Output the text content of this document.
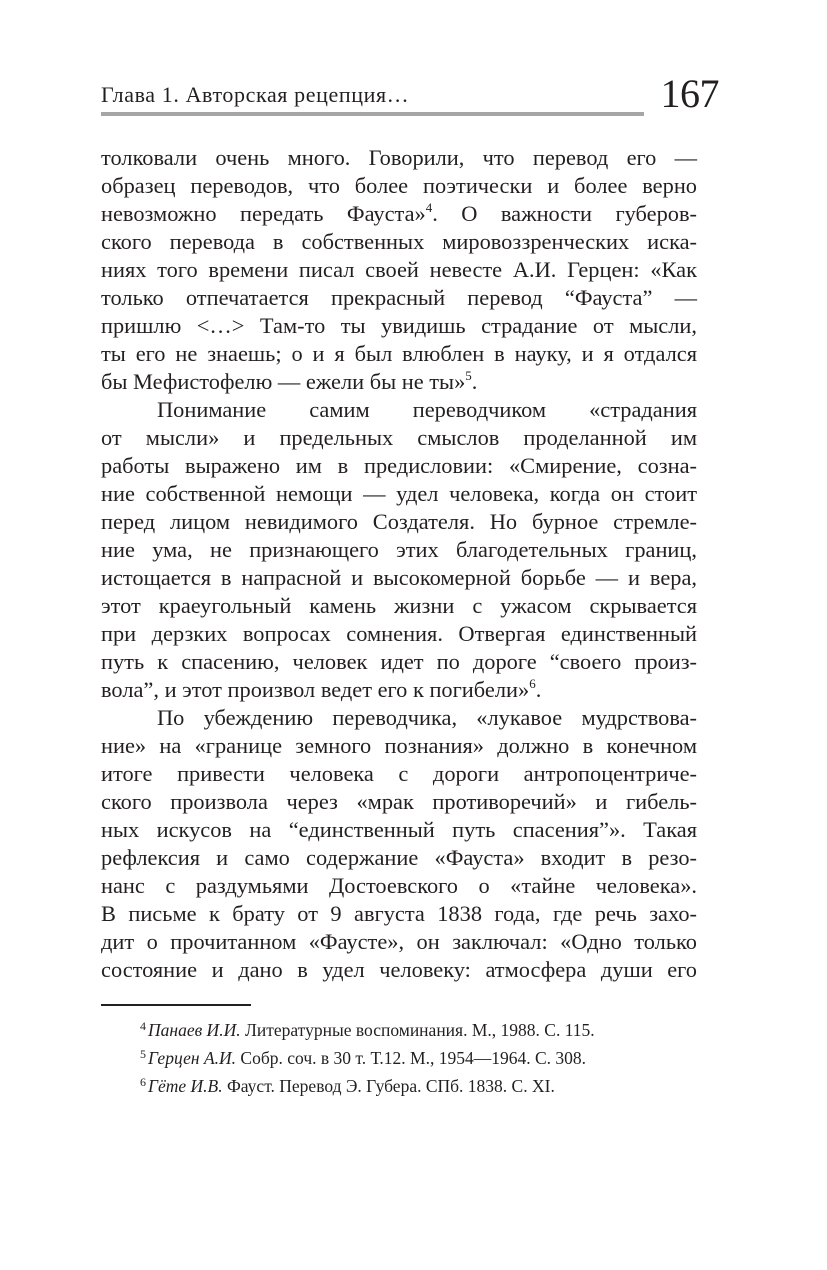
Глава 1. Авторская рецепция…	167
толковали очень много. Говорили, что перевод его —
образец переводов, что более поэтически и более верно
невозможно передать Фауста»$^4$. О важности губеров-
ского перевода в собственных мировоззренческих иска-
ниях того времени писал своей невесте А.И. Герцен: «Как
только отпечатается прекрасный перевод “Фауста” —
пришлю <…> Там-то ты увидишь страдание от мысли,
ты его не знаешь; о и я был влюблен в науку, и я отдался
бы Мефистофелю — ежели бы не ты»$^5$.
Понимание самим переводчиком «страдания
от мысли» и предельных смыслов проделанной им
работы выражено им в предисловии: «Смирение, созна-
ние собственной немощи — удел человека, когда он стоит
перед лицом невидимого Создателя. Но бурное стремле-
ние ума, не признающего этих благодетельных границ,
истощается в напрасной и высокомерной борьбе — и вера,
этот краеугольный камень жизни с ужасом скрывается
при дерзких вопросах сомнения. Отвергая единственный
путь к спасению, человек идет по дороге “своего произ-
вола”, и этот произвол ведет его к погибели»$^6$.
По убеждению переводчика, «лукавое мудрствова-
ние» на «границе земного познания» должно в конечном
итоге привести человека с дороги антропоцентриче-
ского произвола через «мрак противоречий» и гибель-
ных искусов на “единственный путь спасения”». Такая
рефлексия и само содержание «Фауста» входит в резо-
нанс с раздумьями Достоевского о «тайне человека».
В письме к брату от 9 августа 1838 года, где речь захо-
дит о прочитанном «Фаусте», он заключал: «Одно только
состояние и дано в удел человеку: атмосфера души его
$^4$ Панаев И.И. Литературные воспоминания. М., 1988. С. 115.
$^5$ Герцен А.И. Собр. соч. в 30 т. Т.12. М., 1954—1964. С. 308.
$^6$ Гёте И.В. Фауст. Перевод Э. Губера. СПб. 1838. С. XI.
